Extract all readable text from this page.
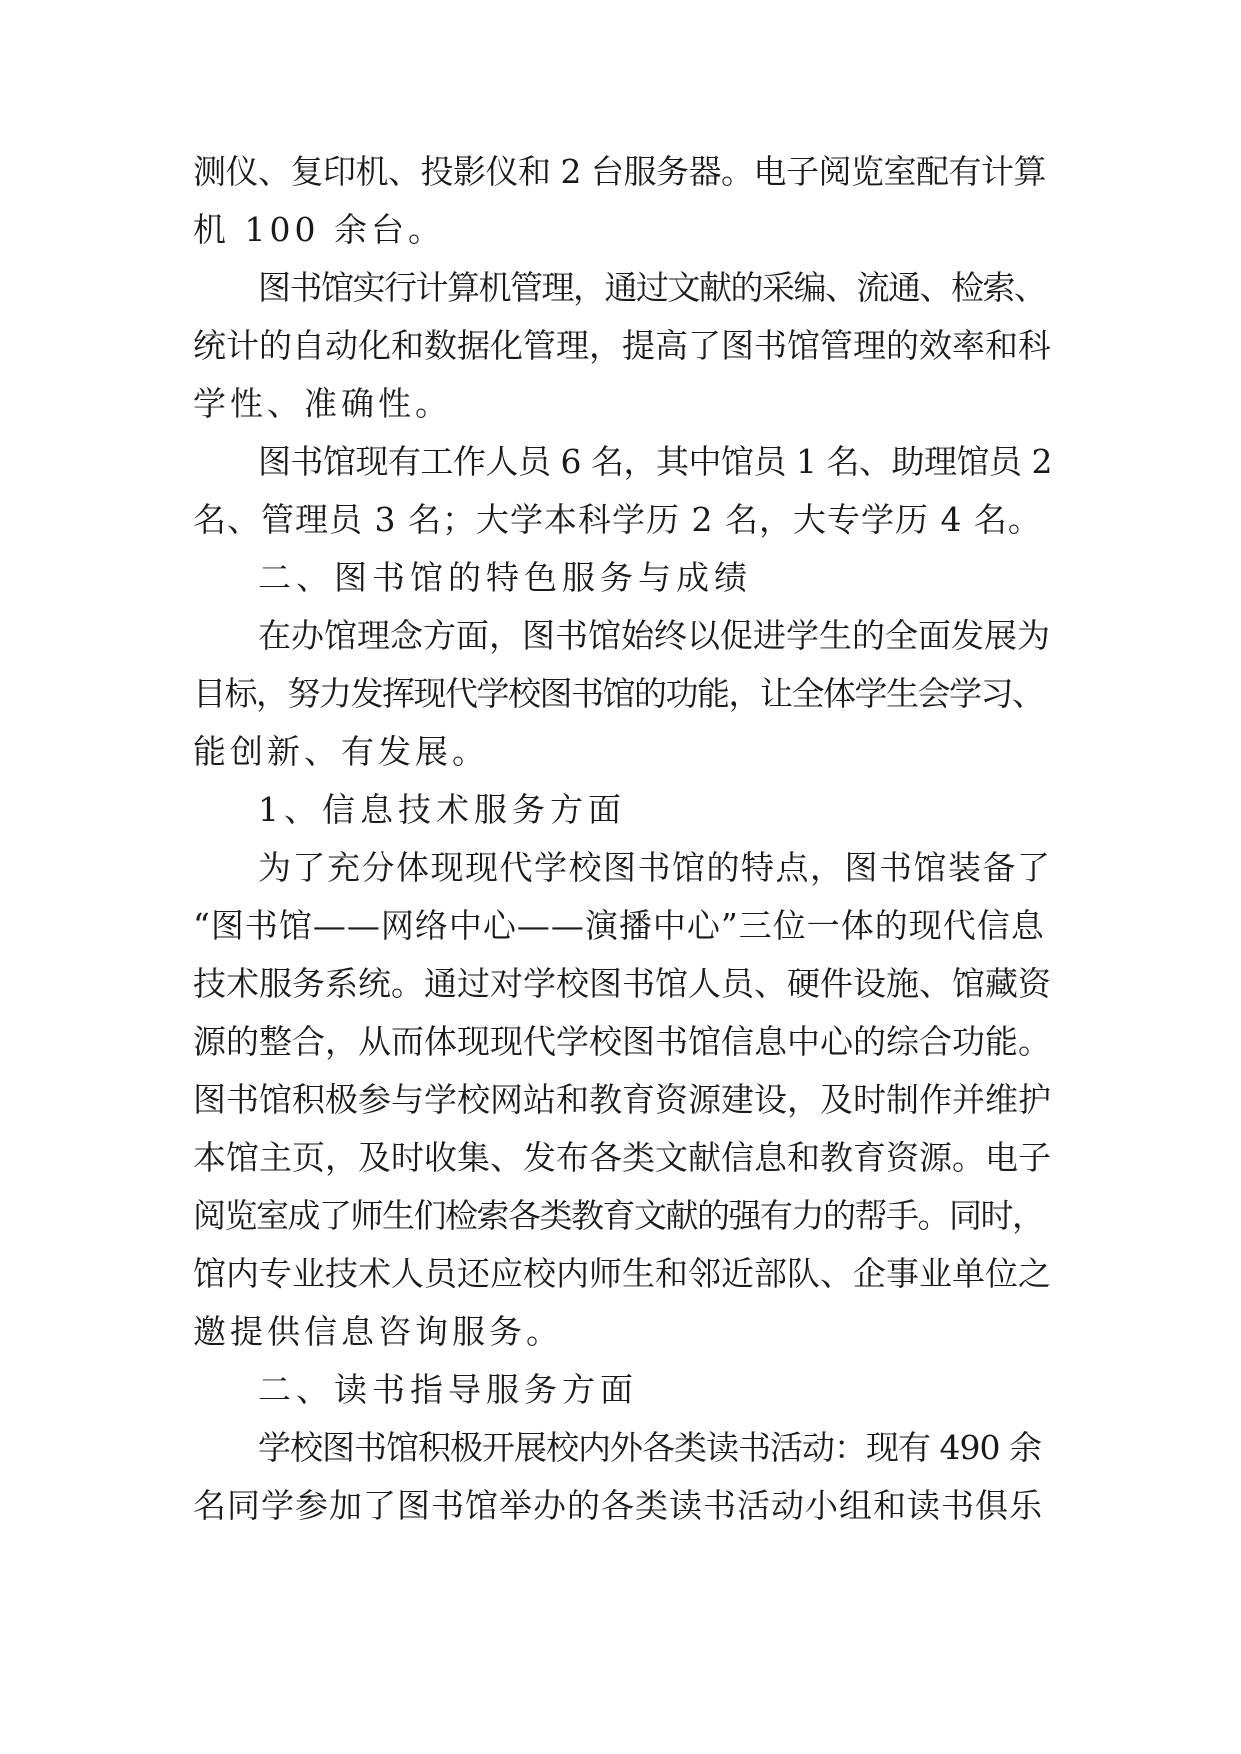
测仪、复印机、投影仪和 2 台服务器。电子阅览室配有计算
机 100 余台。
图书馆实行计算机管理，通过文献的采编、流通、检索、
统计的自动化和数据化管理，提高了图书馆管理的效率和科
学性、准确性。
图书馆现有工作人员 6 名，其中馆员 1 名、助理馆员 2
名、管理员 3 名；大学本科学历 2 名，大专学历 4 名。
二、图书馆的特色服务与成绩
在办馆理念方面，图书馆始终以促进学生的全面发展为
目标，努力发挥现代学校图书馆的功能，让全体学生会学习、
能创新、有发展。
1、信息技术服务方面
为了充分体现现代学校图书馆的特点，图书馆装备了
“图书馆——网络中心——演播中心”三位一体的现代信息
技术服务系统。通过对学校图书馆人员、硬件设施、馆藏资
源的整合，从而体现现代学校图书馆信息中心的综合功能。
图书馆积极参与学校网站和教育资源建设，及时制作并维护
本馆主页，及时收集、发布各类文献信息和教育资源。电子
阅览室成了师生们检索各类教育文献的强有力的帮手。同时，
馆内专业技术人员还应校内师生和邻近部队、企事业单位之
邀提供信息咨询服务。
二、读书指导服务方面
学校图书馆积极开展校内外各类读书活动：现有 490 余
名同学参加了图书馆举办的各类读书活动小组和读书俱乐
